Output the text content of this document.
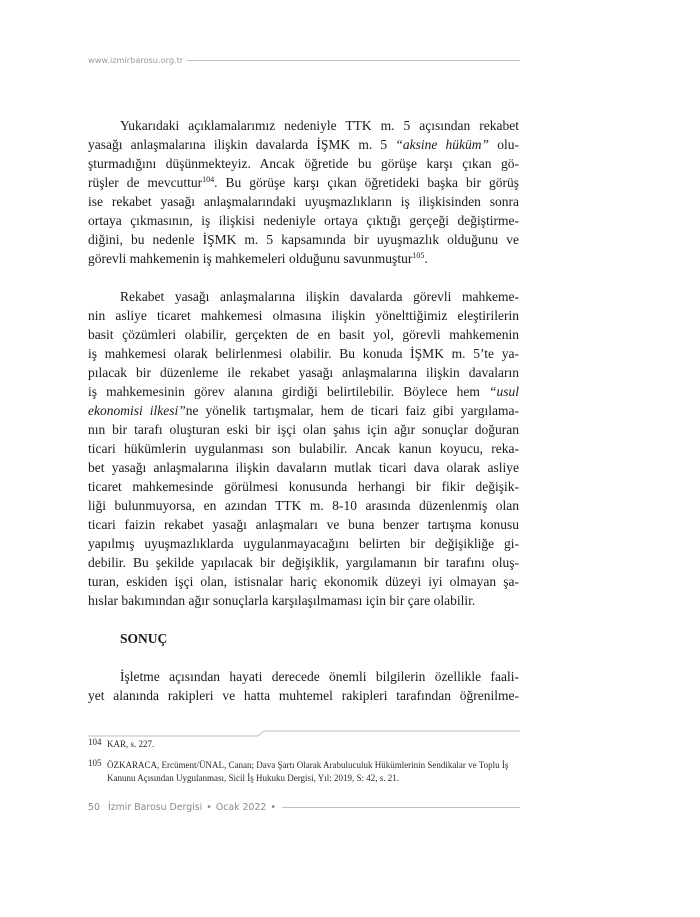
www.izmirbarosu.org.tr
Yukarıdaki açıklamalarımız nedeniyle TTK m. 5 açısından rekabet
yasağı anlaşmalarına ilişkin davalarda İŞMK m. 5 “aksine hüküm” olu-
şturmadığını düşünmekteyiz. Ancak öğretide bu görüşe karşı çıkan gö-
rüşler de mevcuttur$^{104}$. Bu görüşe karşı çıkan öğretideki başka bir görüş
ise rekabet yasağı anlaşmalarındaki uyuşmazlıkların iş ilişkisinden sonra
ortaya çıkmasının, iş ilişkisi nedeniyle ortaya çıktığı gerçeği değiştirme-
diğini, bu nedenle İŞMK m. 5 kapsamında bir uyuşmazlık olduğunu ve
görevli mahkemenin iş mahkemeleri olduğunu savunmuştur$^{105}$.
Rekabet yasağı anlaşmalarına ilişkin davalarda görevli mahkeme-
nin asliye ticaret mahkemesi olmasına ilişkin yönelttiğimiz eleştirilerin
basit çözümleri olabilir, gerçekten de en basit yol, görevli mahkemenin
iş mahkemesi olarak belirlenmesi olabilir. Bu konuda İŞMK m. 5’te ya-
pılacak bir düzenleme ile rekabet yasağı anlaşmalarına ilişkin davaların
iş mahkemesinin görev alanına girdiği belirtilebilir. Böylece hem “usul
ekonomisi ilkesi”ne yönelik tartışmalar, hem de ticari faiz gibi yargılama-
nın bir tarafı oluşturan eski bir işçi olan şahıs için ağır sonuçlar doğuran
ticari hükümlerin uygulanması son bulabilir. Ancak kanun koyucu, reka-
bet yasağı anlaşmalarına ilişkin davaların mutlak ticari dava olarak asliye
ticaret mahkemesinde görülmesi konusunda herhangi bir fikir değişik-
liği bulunmuyorsa, en azından TTK m. 8-10 arasında düzenlenmiş olan
ticari faizin rekabet yasağı anlaşmaları ve buna benzer tartışma konusu
yapılmış uyuşmazlıklarda uygulanmayacağını belirten bir değişikliğe gi-
debilir. Bu şekilde yapılacak bir değişiklik, yargılamanın bir tarafını oluş-
turan, eskiden işçi olan, istisnalar hariç ekonomik düzeyi iyi olmayan şa-
hıslar bakımından ağır sonuçlarla karşılaşılmaması için bir çare olabilir.
SONUÇ
İşletme açısından hayati derecede önemli bilgilerin özellikle faali-
yet alanında rakipleri ve hatta muhtemel rakipleri tarafından öğrenilme-
104 KAR, s. 227.
105 ÖZKARACA, Ercüment/ÜNAL, Canan; Dava Şartı Olarak Arabuluculuk Hükümlerinin Sendikalar ve Toplu İş Kanunu Açısından Uygulanması, Sicil İş Hukuku Dergisi, Yıl: 2019, S: 42, s. 21.
50 İzmir Barosu Dergisi • Ocak 2022 •
